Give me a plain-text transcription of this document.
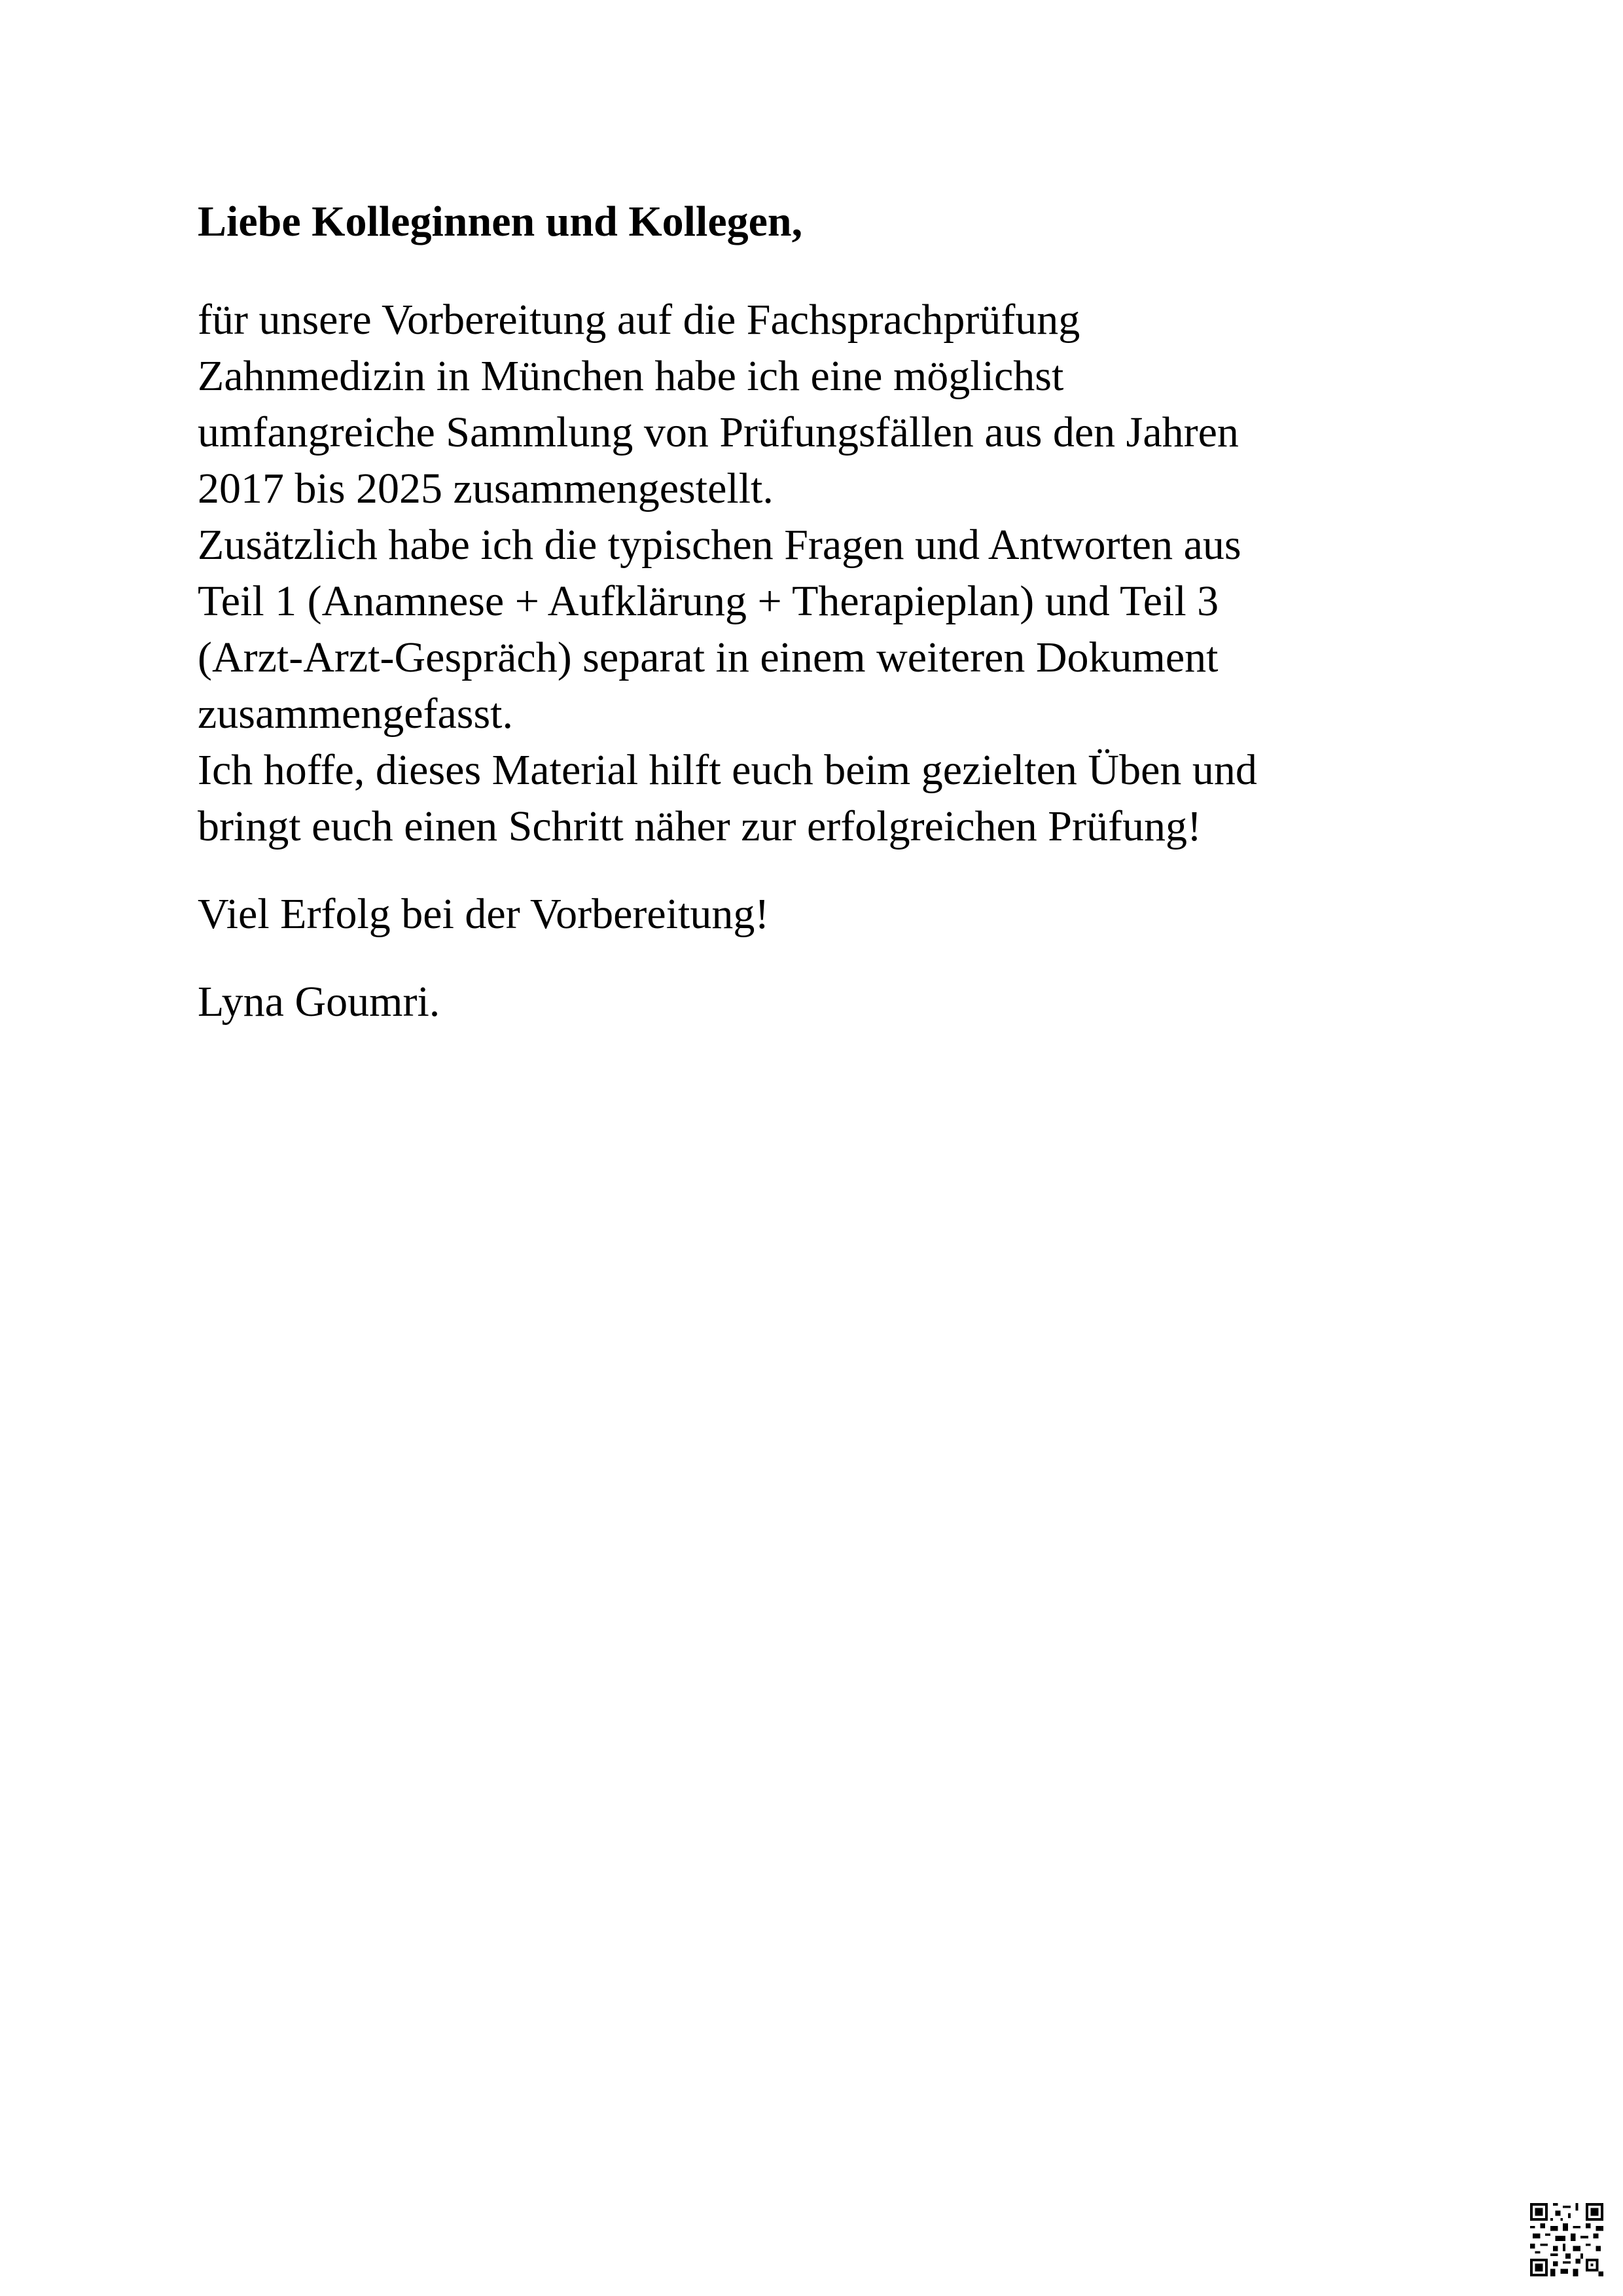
Liebe Kolleginnen und Kollegen,

für unsere Vorbereitung auf die Fachsprachprüfung
Zahnmedizin in München habe ich eine möglichst
umfangreiche Sammlung von Prüfungsfällen aus den Jahren
2017 bis 2025 zusammengestellt.
Zusätzlich habe ich die typischen Fragen und Antworten aus
Teil 1 (Anamnese + Aufklärung + Therapieplan) und Teil 3
(Arzt-Arzt-Gespräch) separat in einem weiteren Dokument
zusammengefasst.
Ich hoffe, dieses Material hilft euch beim gezielten Üben und
bringt euch einen Schritt näher zur erfolgreichen Prüfung!

Viel Erfolg bei der Vorbereitung!

Lyna Goumri.
